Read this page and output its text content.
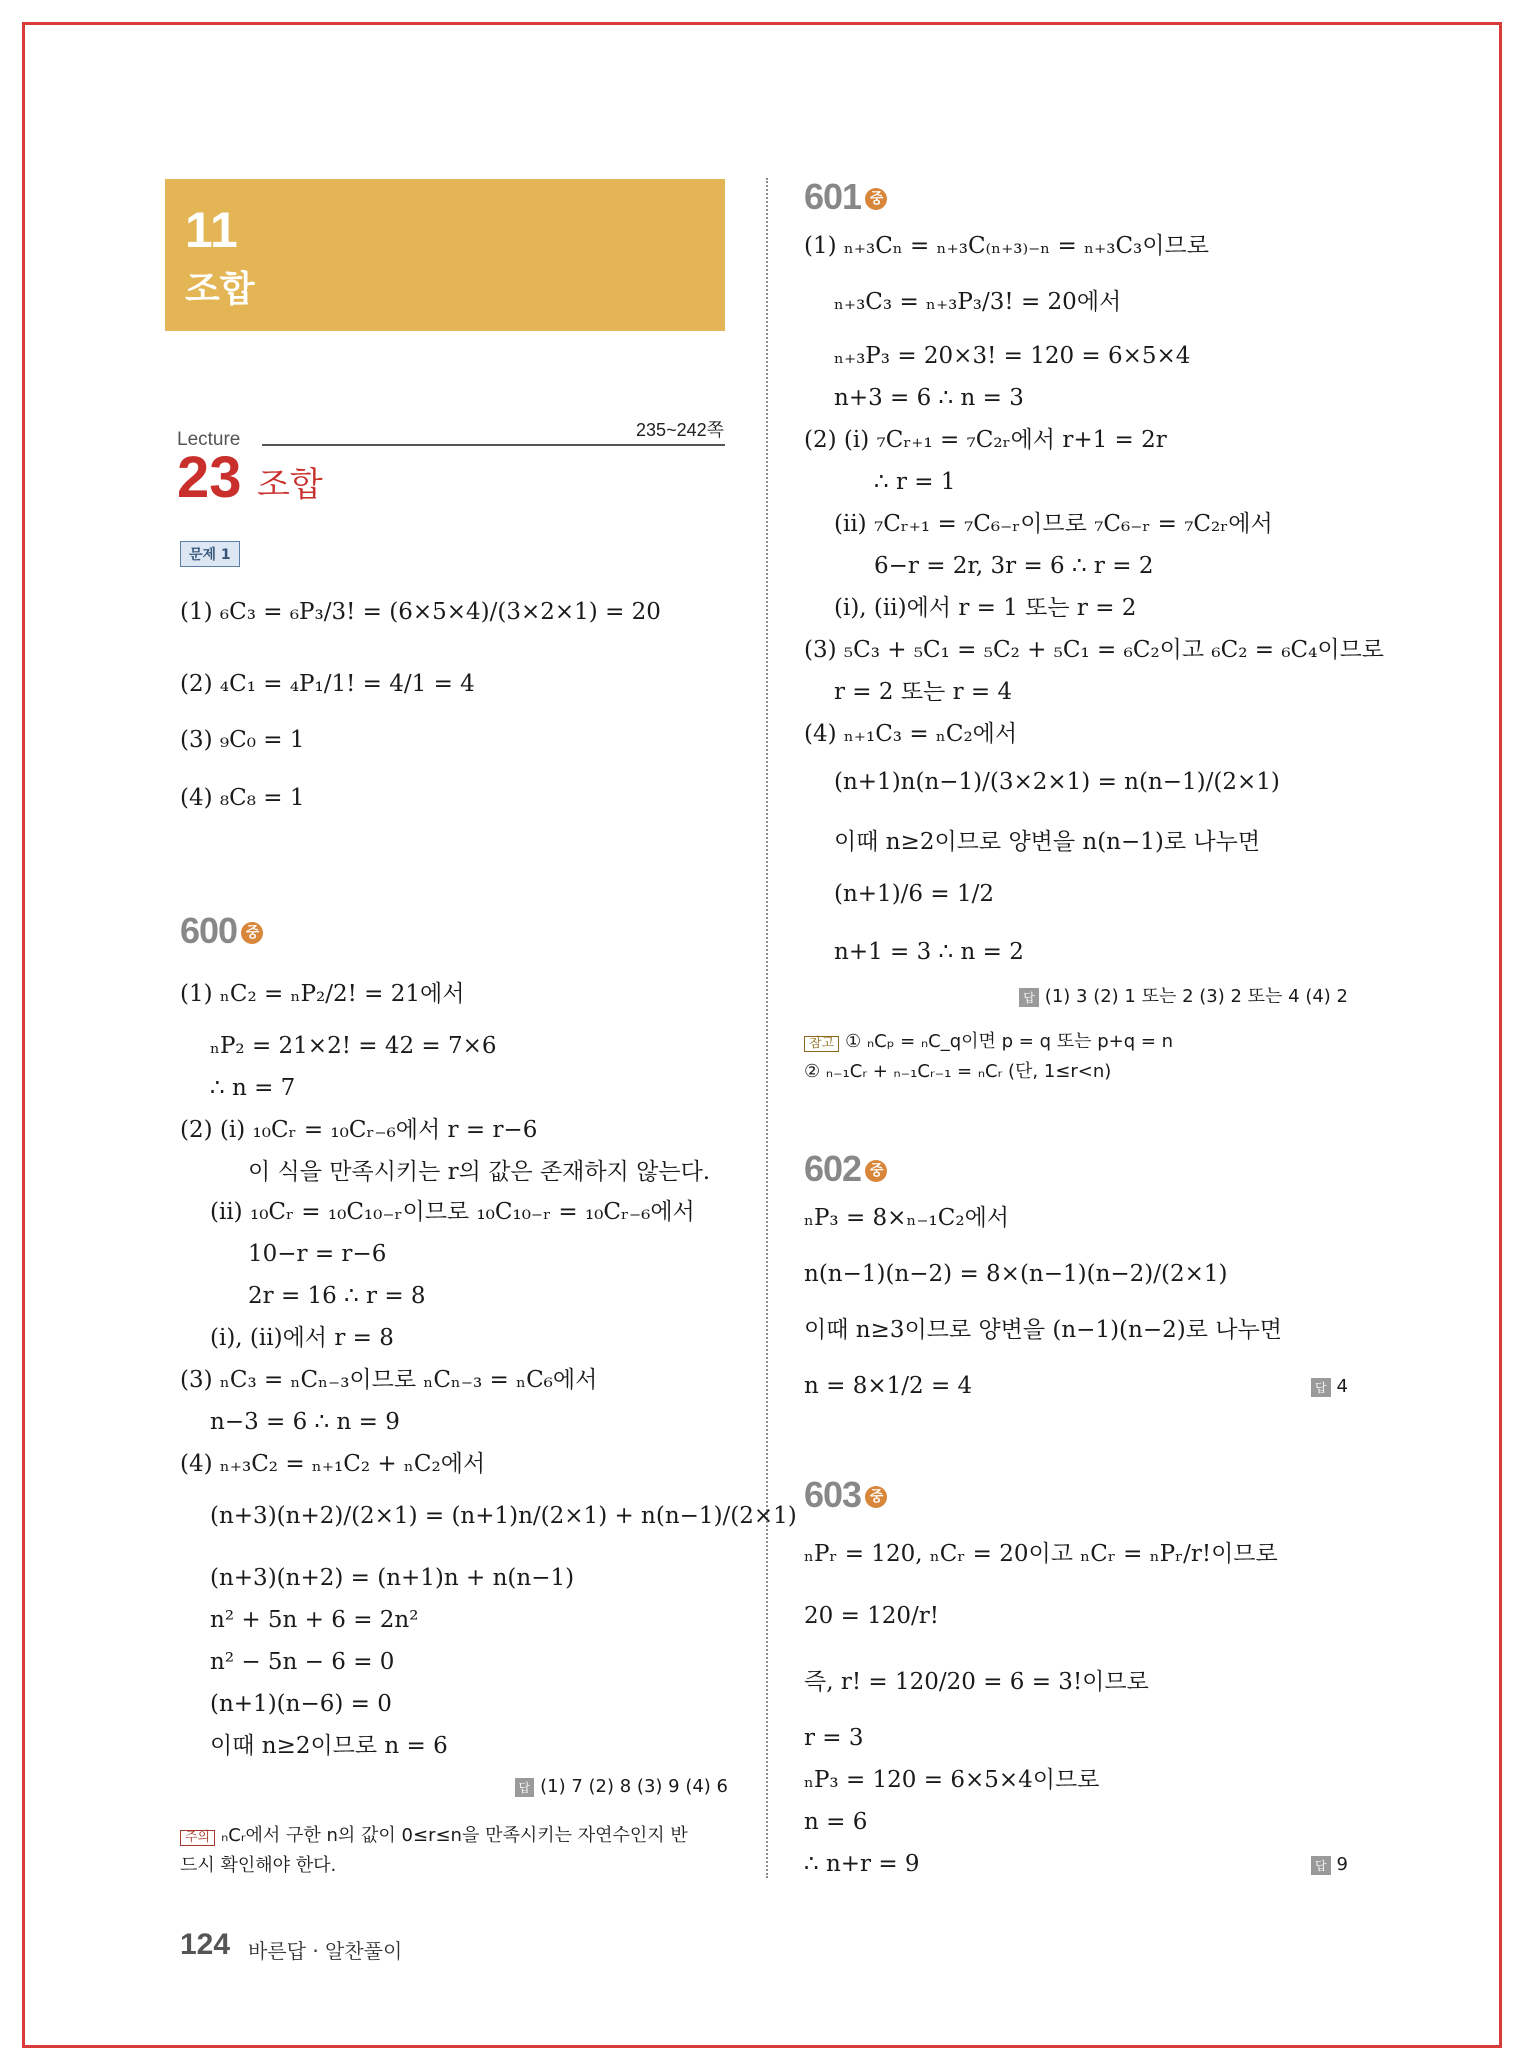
11
조합
Lecture	235~242쪽
23 조합
문제 1
(1) ₆C₃ = ₆P₃/3! = (6×5×4)/(3×2×1) = 20
(2) ₄C₁ = ₄P₁/1! = 4/1 = 4
(3) ₉C₀ = 1
(4) ₈C₈ = 1
600 중
(1) ₙC₂ = ₙP₂/2! = 21에서
ₙP₂ = 21×2! = 42 = 7×6
∴ n = 7
(2) (i) ₁₀Cᵣ = ₁₀Cᵣ₋₆에서 r = r−6
이 식을 만족시키는 r의 값은 존재하지 않는다.
(ii) ₁₀Cᵣ = ₁₀C₁₀₋ᵣ이므로 ₁₀C₁₀₋ᵣ = ₁₀Cᵣ₋₆에서
10−r = r−6
2r = 16 ∴ r = 8
(i), (ii)에서 r = 8
(3) ₙC₃ = ₙCₙ₋₃이므로 ₙCₙ₋₃ = ₙC₆에서
n−3 = 6 ∴ n = 9
(4) ₙ₊₃C₂ = ₙ₊₁C₂ + ₙC₂에서
(n+3)(n+2)/(2×1) = (n+1)n/(2×1) + n(n−1)/(2×1)
(n+3)(n+2) = (n+1)n + n(n−1)
n² + 5n + 6 = 2n²
n² − 5n − 6 = 0
(n+1)(n−6) = 0
이때 n≥2이므로 n = 6
답 (1) 7 (2) 8 (3) 9 (4) 6
주의 ₙCᵣ에서 구한 n의 값이 0≤r≤n을 만족시키는 자연수인지 반
드시 확인해야 한다.
601 중
(1) ₙ₊₃Cₙ = ₙ₊₃C₍ₙ₊₃₎₋ₙ = ₙ₊₃C₃이므로
ₙ₊₃C₃ = ₙ₊₃P₃/3! = 20에서
ₙ₊₃P₃ = 20×3! = 120 = 6×5×4
n+3 = 6 ∴ n = 3
(2) (i) ₇Cᵣ₊₁ = ₇C₂ᵣ에서 r+1 = 2r
∴ r = 1
(ii) ₇Cᵣ₊₁ = ₇C₆₋ᵣ이므로 ₇C₆₋ᵣ = ₇C₂ᵣ에서
6−r = 2r, 3r = 6 ∴ r = 2
(i), (ii)에서 r = 1 또는 r = 2
(3) ₅C₃ + ₅C₁ = ₅C₂ + ₅C₁ = ₆C₂이고 ₆C₂ = ₆C₄이므로
r = 2 또는 r = 4
(4) ₙ₊₁C₃ = ₙC₂에서
(n+1)n(n−1)/(3×2×1) = n(n−1)/(2×1)
이때 n≥2이므로 양변을 n(n−1)로 나누면
(n+1)/6 = 1/2
n+1 = 3 ∴ n = 2
답 (1) 3 (2) 1 또는 2 (3) 2 또는 4 (4) 2
참고 ① ₙCₚ = ₙC_q이면 p = q 또는 p+q = n
② ₙ₋₁Cᵣ + ₙ₋₁Cᵣ₋₁ = ₙCᵣ (단, 1≤r<n)
602 중
ₙP₃ = 8×ₙ₋₁C₂에서
n(n−1)(n−2) = 8×(n−1)(n−2)/(2×1)
이때 n≥3이므로 양변을 (n−1)(n−2)로 나누면
n = 8×1/2 = 4	답 4
603 중
ₙPᵣ = 120, ₙCᵣ = 20이고 ₙCᵣ = ₙPᵣ/r!이므로
20 = 120/r!
즉, r! = 120/20 = 6 = 3!이므로
r = 3
ₙP₃ = 120 = 6×5×4이므로
n = 6
∴ n+r = 9	답 9
124 바른답 · 알찬풀이
